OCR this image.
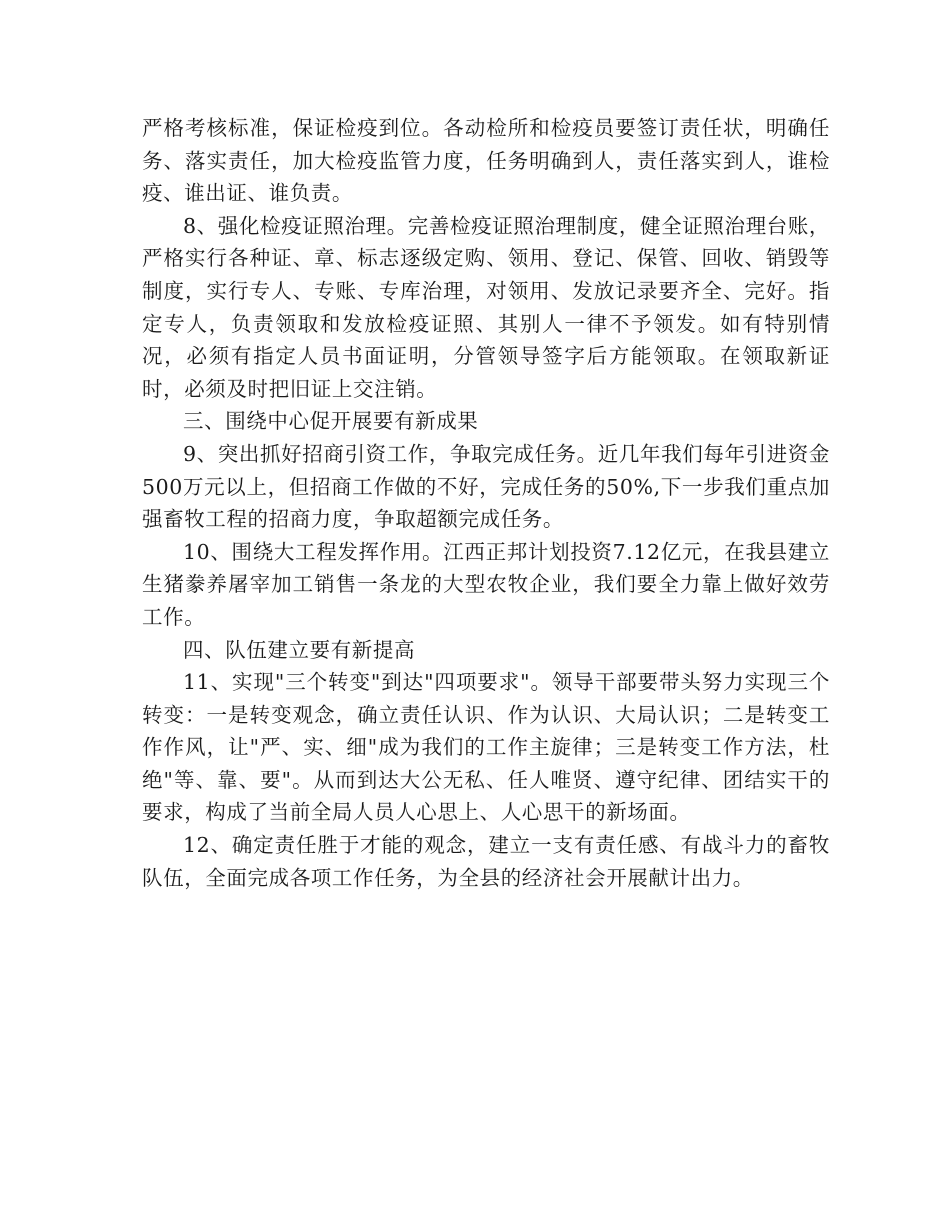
严格考核标准，保证检疫到位。各动检所和检疫员要签订责任状，明确任务、落实责任，加大检疫监管力度，任务明确到人，责任落实到人，谁检疫、谁出证、谁负责。

8、强化检疫证照治理。完善检疫证照治理制度，健全证照治理台账，严格实行各种证、章、标志逐级定购、领用、登记、保管、回收、销毁等制度，实行专人、专账、专库治理，对领用、发放记录要齐全、完好。指定专人，负责领取和发放检疫证照、其别人一律不予领发。如有特别情况，必须有指定人员书面证明，分管领导签字后方能领取。在领取新证时，必须及时把旧证上交注销。

三、围绕中心促开展要有新成果

9、突出抓好招商引资工作，争取完成任务。近几年我们每年引进资金500万元以上，但招商工作做的不好，完成任务的50%,下一步我们重点加强畜牧工程的招商力度，争取超额完成任务。

10、围绕大工程发挥作用。江西正邦计划投资7.12亿元，在我县建立生猪豢养屠宰加工销售一条龙的大型农牧企业，我们要全力靠上做好效劳工作。

四、队伍建立要有新提高

11、实现"三个转变"到达"四项要求"。领导干部要带头努力实现三个转变：一是转变观念，确立责任认识、作为认识、大局认识；二是转变工作作风，让"严、实、细"成为我们的工作主旋律；三是转变工作方法，杜绝"等、靠、要"。从而到达大公无私、任人唯贤、遵守纪律、团结实干的要求，构成了当前全局人员人心思上、人心思干的新场面。

12、确定责任胜于才能的观念，建立一支有责任感、有战斗力的畜牧队伍，全面完成各项工作任务，为全县的经济社会开展献计出力。
